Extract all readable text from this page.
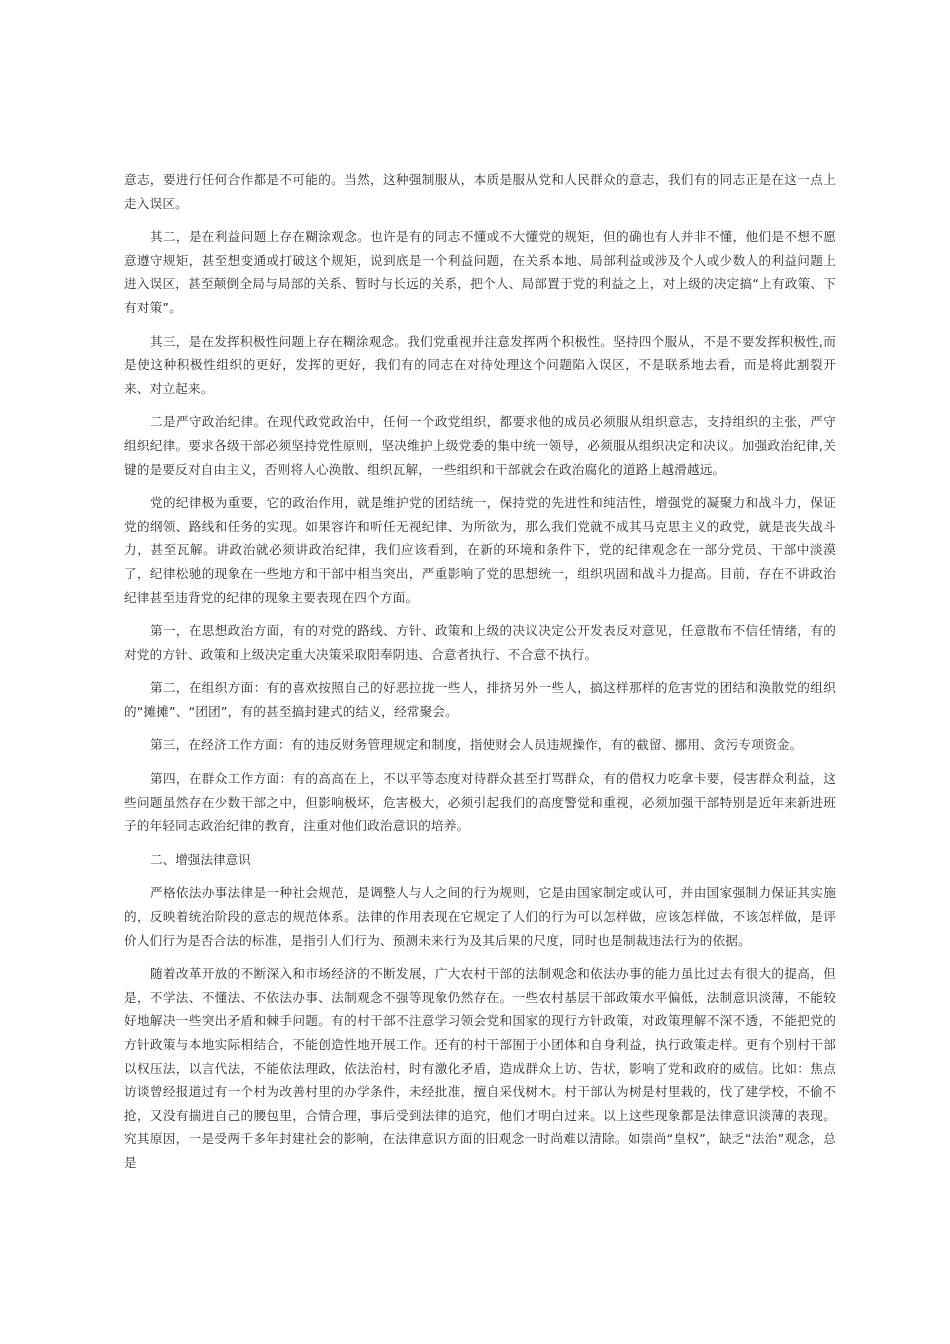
意志，要进行任何合作都是不可能的。当然，这种强制服从，本质是服从党和人民群众的意志，我们有的同志正是在这一点上走入误区。

其二，是在利益问题上存在糊涂观念。也许是有的同志不懂或不大懂党的规矩，但的确也有人并非不懂，他们是不想不愿意遵守规矩，甚至想变通或打破这个规矩，说到底是一个利益问题，在关系本地、局部利益或涉及个人或少数人的利益问题上进入误区，甚至颠倒全局与局部的关系、暂时与长远的关系，把个人、局部置于党的利益之上，对上级的决定搞“上有政策、下有对策”。

其三，是在发挥积极性问题上存在糊涂观念。我们党重视并注意发挥两个积极性。坚持四个服从，不是不要发挥积极性,而是使这种积极性组织的更好，发挥的更好，我们有的同志在对待处理这个问题陷入误区，不是联系地去看，而是将此割裂开来、对立起来。

二是严守政治纪律。在现代政党政治中，任何一个政党组织，都要求他的成员必须服从组织意志，支持组织的主张，严守组织纪律。要求各级干部必须坚持党性原则，坚决维护上级党委的集中统一领导，必须服从组织决定和决议。加强政治纪律,关键的是要反对自由主义，否则将人心涣散、组织瓦解，一些组织和干部就会在政治腐化的道路上越滑越远。

党的纪律极为重要，它的政治作用，就是维护党的团结统一，保持党的先进性和纯洁性，增强党的凝聚力和战斗力，保证党的纲领、路线和任务的实现。如果容许和听任无视纪律、为所欲为，那么我们党就不成其马克思主义的政党，就是丧失战斗力，甚至瓦解。讲政治就必须讲政治纪律，我们应该看到，在新的环境和条件下，党的纪律观念在一部分党员、干部中淡漠了，纪律松驰的现象在一些地方和干部中相当突出，严重影响了党的思想统一，组织巩固和战斗力提高。目前，存在不讲政治纪律甚至违背党的纪律的现象主要表现在四个方面。

第一，在思想政治方面，有的对党的路线、方针、政策和上级的决议决定公开发表反对意见，任意散布不信任情绪，有的对党的方针、政策和上级决定重大决策采取阳奉阴违、合意者执行、不合意不执行。

第二，在组织方面：有的喜欢按照自己的好恶拉拢一些人，排挤另外一些人，搞这样那样的危害党的团结和涣散党的组织的“摊摊”、“团团”，有的甚至搞封建式的结义，经常聚会。

第三，在经济工作方面：有的违反财务管理规定和制度，指使财会人员违规操作，有的截留、挪用、贪污专项资金。

第四，在群众工作方面：有的高高在上，不以平等态度对待群众甚至打骂群众，有的借权力吃拿卡要，侵害群众利益，这些问题虽然存在少数干部之中，但影响极坏，危害极大，必须引起我们的高度警觉和重视，必须加强干部特别是近年来新进班子的年轻同志政治纪律的教育，注重对他们政治意识的培养。

二、增强法律意识

严格依法办事法律是一种社会规范，是调整人与人之间的行为规则，它是由国家制定或认可，并由国家强制力保证其实施的，反映着统治阶段的意志的规范体系。法律的作用表现在它规定了人们的行为可以怎样做，应该怎样做，不该怎样做，是评价人们行为是否合法的标准，是指引人们行为、预测未来行为及其后果的尺度，同时也是制裁违法行为的依据。

随着改革开放的不断深入和市场经济的不断发展，广大农村干部的法制观念和依法办事的能力虽比过去有很大的提高，但是，不学法、不懂法、不依法办事、法制观念不强等现象仍然存在。一些农村基层干部政策水平偏低，法制意识淡薄，不能较好地解决一些突出矛盾和棘手问题。有的村干部不注意学习领会党和国家的现行方针政策，对政策理解不深不透，不能把党的方针政策与本地实际相结合，不能创造性地开展工作。还有的村干部囿于小团体和自身利益，执行政策走样。更有个别村干部以权压法，以言代法，不能依法理政，依法治村，时有激化矛盾，造成群众上访、告状，影响了党和政府的威信。比如：焦点访谈曾经报道过有一个村为改善村里的办学条件，未经批准，擅自采伐树木。村干部认为树是村里栽的，伐了建学校，不偷不抢，又没有揣进自己的腰包里，合情合理，事后受到法律的追究，他们才明白过来。以上这些现象都是法律意识淡薄的表现。究其原因，一是受两千多年封建社会的影响，在法律意识方面的旧观念一时尚难以清除。如崇尚“皇权”，缺乏“法治”观念，总是
